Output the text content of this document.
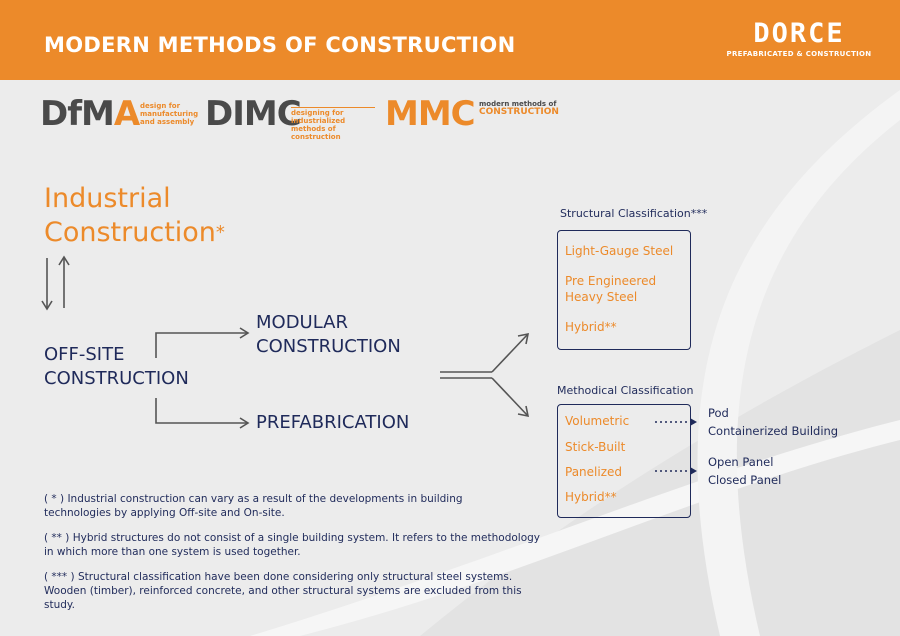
MODERN METHODS OF CONSTRUCTION	DORCE
PREFABRICATED & CONSTRUCTION
DfMA design for manufacturing and assembly DIMC
designing for industrialized methods of construction
MMC modern methods of
CONSTRUCTION
Industrial
Construction*
OFF-SITE
CONSTRUCTION
MODULAR
CONSTRUCTION
PREFABRICATION
Structural Classification***
Light-Gauge Steel
Pre Engineered
Heavy Steel
Hybrid**
Methodical Classification
Volumetric
Stick-Built
Panelized
Hybrid**
Pod
Containerized Building
Open Panel
Closed Panel
( * ) Industrial construction can vary as a result of the developments in building
technologies by applying Off-site and On-site.
( ** ) Hybrid structures do not consist of a single building system. It refers to the methodology
in which more than one system is used together.
( *** ) Structural classification have been done considering only structural steel systems.
Wooden (timber), reinforced concrete, and other structural systems are excluded from this study.
